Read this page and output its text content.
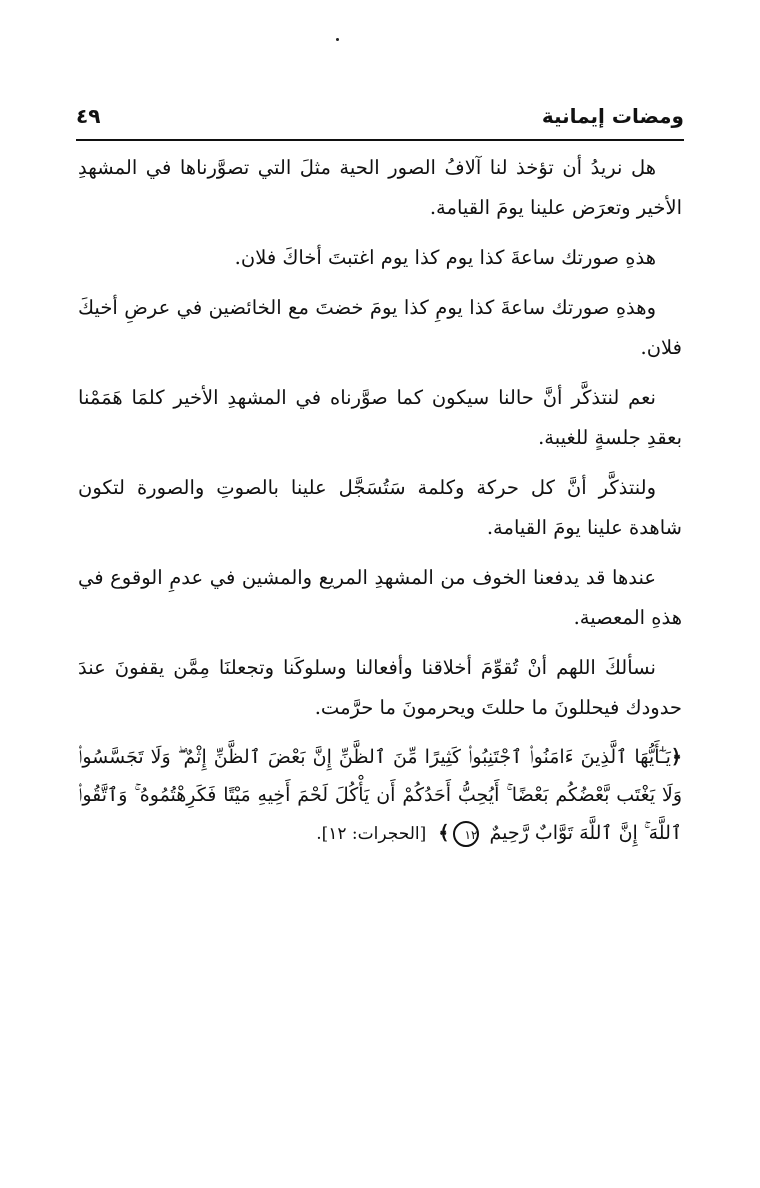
ومضات إيمانية
٤٩

هل نريدُ أن تؤخذ لنا آلافُ الصور الحية مثلَ التي تصوَّرناها في المشهدِ الأخير وتعرَض علينا يومَ القيامة.

هذهِ صورتك ساعةَ كذا يوم كذا يوم اغتبتَ أخاكَ فلان.

وهذهِ صورتك ساعةَ كذا يومِ كذا يومَ خضتَ مع الخائضين في عرضِ أخيكَ فلان.

نعم لنتذكَّر أنَّ حالنا سيكون كما صوَّرناه في المشهدِ الأخير كلمَا هَمَمْنا بعقدِ جلسةٍ للغيبة.

ولنتذكَّر أنَّ كل حركة وكلمة سَتُسَجَّل علينا بالصوتِ والصورة لتكون شاهدة علينا يومَ القيامة.

عندها قد يدفعنا الخوف من المشهدِ المريع والمشين في عدمِ الوقوع في هذهِ المعصية.

نسألكَ اللهم أنْ تُقوِّمَ أخلاقنا وأفعالنا وسلوكَنا وتجعلنَا مِمَّن يقفونَ عندَ حدودك فيحللونَ ما حللتَ ويحرمونَ ما حرَّمت.

﴿يَـٰٓأَيُّهَا ٱلَّذِينَ ءَامَنُوا۟ ٱجْتَنِبُوا۟ كَثِيرًا مِّنَ ٱلظَّنِّ إِنَّ بَعْضَ ٱلظَّنِّ إِثْمٌ ۖ وَلَا تَجَسَّسُوا۟ وَلَا يَغْتَب بَّعْضُكُم بَعْضًا ۚ أَيُحِبُّ أَحَدُكُمْ أَن يَأْكُلَ لَحْمَ أَخِيهِ مَيْتًا فَكَرِهْتُمُوهُ ۚ وَٱتَّقُوا۟ ٱللَّهَ ۚ إِنَّ ٱللَّهَ تَوَّابٌ رَّحِيمٌ ١٢﴾ [الحجرات: ١٢].
